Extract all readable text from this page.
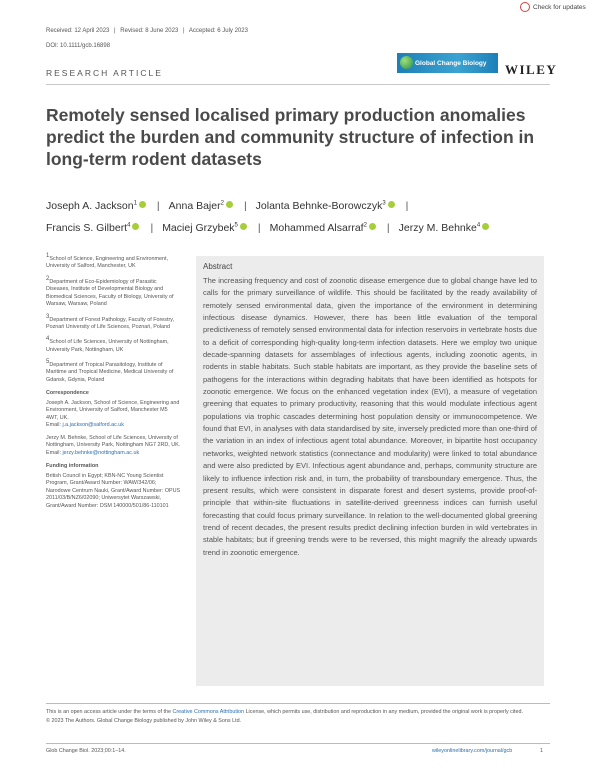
Check for updates
Received: 12 April 2023 | Revised: 8 June 2023 | Accepted: 6 July 2023
DOI: 10.1111/gcb.16898
RESEARCH ARTICLE
Global Change Biology WILEY
Remotely sensed localised primary production anomalies predict the burden and community structure of infection in long-term rodent datasets
Joseph A. Jackson$^1$ | Anna Bajer$^2$ | Jolanta Behnke-Borowczyk$^3$ |
Francis S. Gilbert$^4$ | Maciej Grzybek$^5$ | Mohammed Alsarraf$^2$ | Jerzy M. Behnke$^4$

$^1$School of Science, Engineering and Environment, University of Salford, Manchester, UK

$^2$Department of Eco-Epidemiology of Parasitic Diseases, Institute of Developmental Biology and Biomedical Sciences, Faculty of Biology, University of Warsaw, Warsaw, Poland

$^3$Department of Forest Pathology, Faculty of Forestry, Poznań University of Life Sciences, Poznań, Poland

$^4$School of Life Sciences, University of Nottingham, University Park, Nottingham, UK

$^5$Department of Tropical Parasitology, Institute of Maritime and Tropical Medicine, Medical University of Gdansk, Gdynia, Poland

Correspondence

Joseph A. Jackson, School of Science, Engineering and Environment, University of Salford, Manchester M5 4WT, UK.
Email: j.a.jackson@salford.ac.uk

Jerzy M. Behnke, School of Life Sciences, University of Nottingham, University Park, Nottingham NG7 2RD, UK.
Email: jerzy.behnke@nottingham.ac.uk

Funding information

British Council in Egypt; KBN-NC Young Scientist Program, Grant/Award Number: WAW/342/06; Narodowe Centrum Nauki, Grant/Award Number: OPUS 2011/03/B/NZ6/02090; Uniwersytet Warszawski, Grant/Award Number: DSM 140000/501/86-110101

Abstract
The increasing frequency and cost of zoonotic disease emergence due to global change have led to calls for the primary surveillance of wildlife. This should be facilitated by the ready availability of remotely sensed environmental data, given the importance of the environment in determining infectious disease dynamics. However, there has been little evaluation of the temporal predictiveness of remotely sensed environmental data for infection reservoirs in vertebrate hosts due to a deficit of corresponding high-quality long-term infection datasets. Here we employ two unique decade-spanning datasets for assemblages of infectious agents, including zoonotic agents, in rodents in stable habitats. Such stable habitats are important, as they provide the baseline sets of pathogens for the interactions within degrading habitats that have been identified as hotspots for zoonotic emergence. We focus on the enhanced vegetation index (EVI), a measure of vegetation greening that equates to primary productivity, reasoning that this would modulate infectious agent populations via trophic cascades determining host population density or immunocompetence. We found that EVI, in analyses with data standardised by site, inversely predicted more than one-third of the variation in an index of infectious agent total abundance. Moreover, in bipartite host occupancy networks, weighted network statistics (connectance and modularity) were linked to total abundance and were also predicted by EVI. Infectious agent abundance and, perhaps, community structure are likely to influence infection risk and, in turn, the probability of transboundary emergence. Thus, the present results, which were consistent in disparate forest and desert systems, provide proof-of-principle that within-site fluctuations in satellite-derived greenness indices can furnish useful forecasting that could focus primary surveillance. In relation to the well-documented global greening trend of recent decades, the present results predict declining infection burden in wild vertebrates in stable habitats; but if greening trends were to be reversed, this might magnify the already upwards trend in zoonotic emergence.
This is an open access article under the terms of the Creative Commons Attribution License, which permits use, distribution and reproduction in any medium, provided the original work is properly cited.
© 2023 The Authors. Global Change Biology published by John Wiley & Sons Ltd.
Glob Change Biol. 2023;00:1–14.	wileyonlinelibrary.com/journal/gcb	1
